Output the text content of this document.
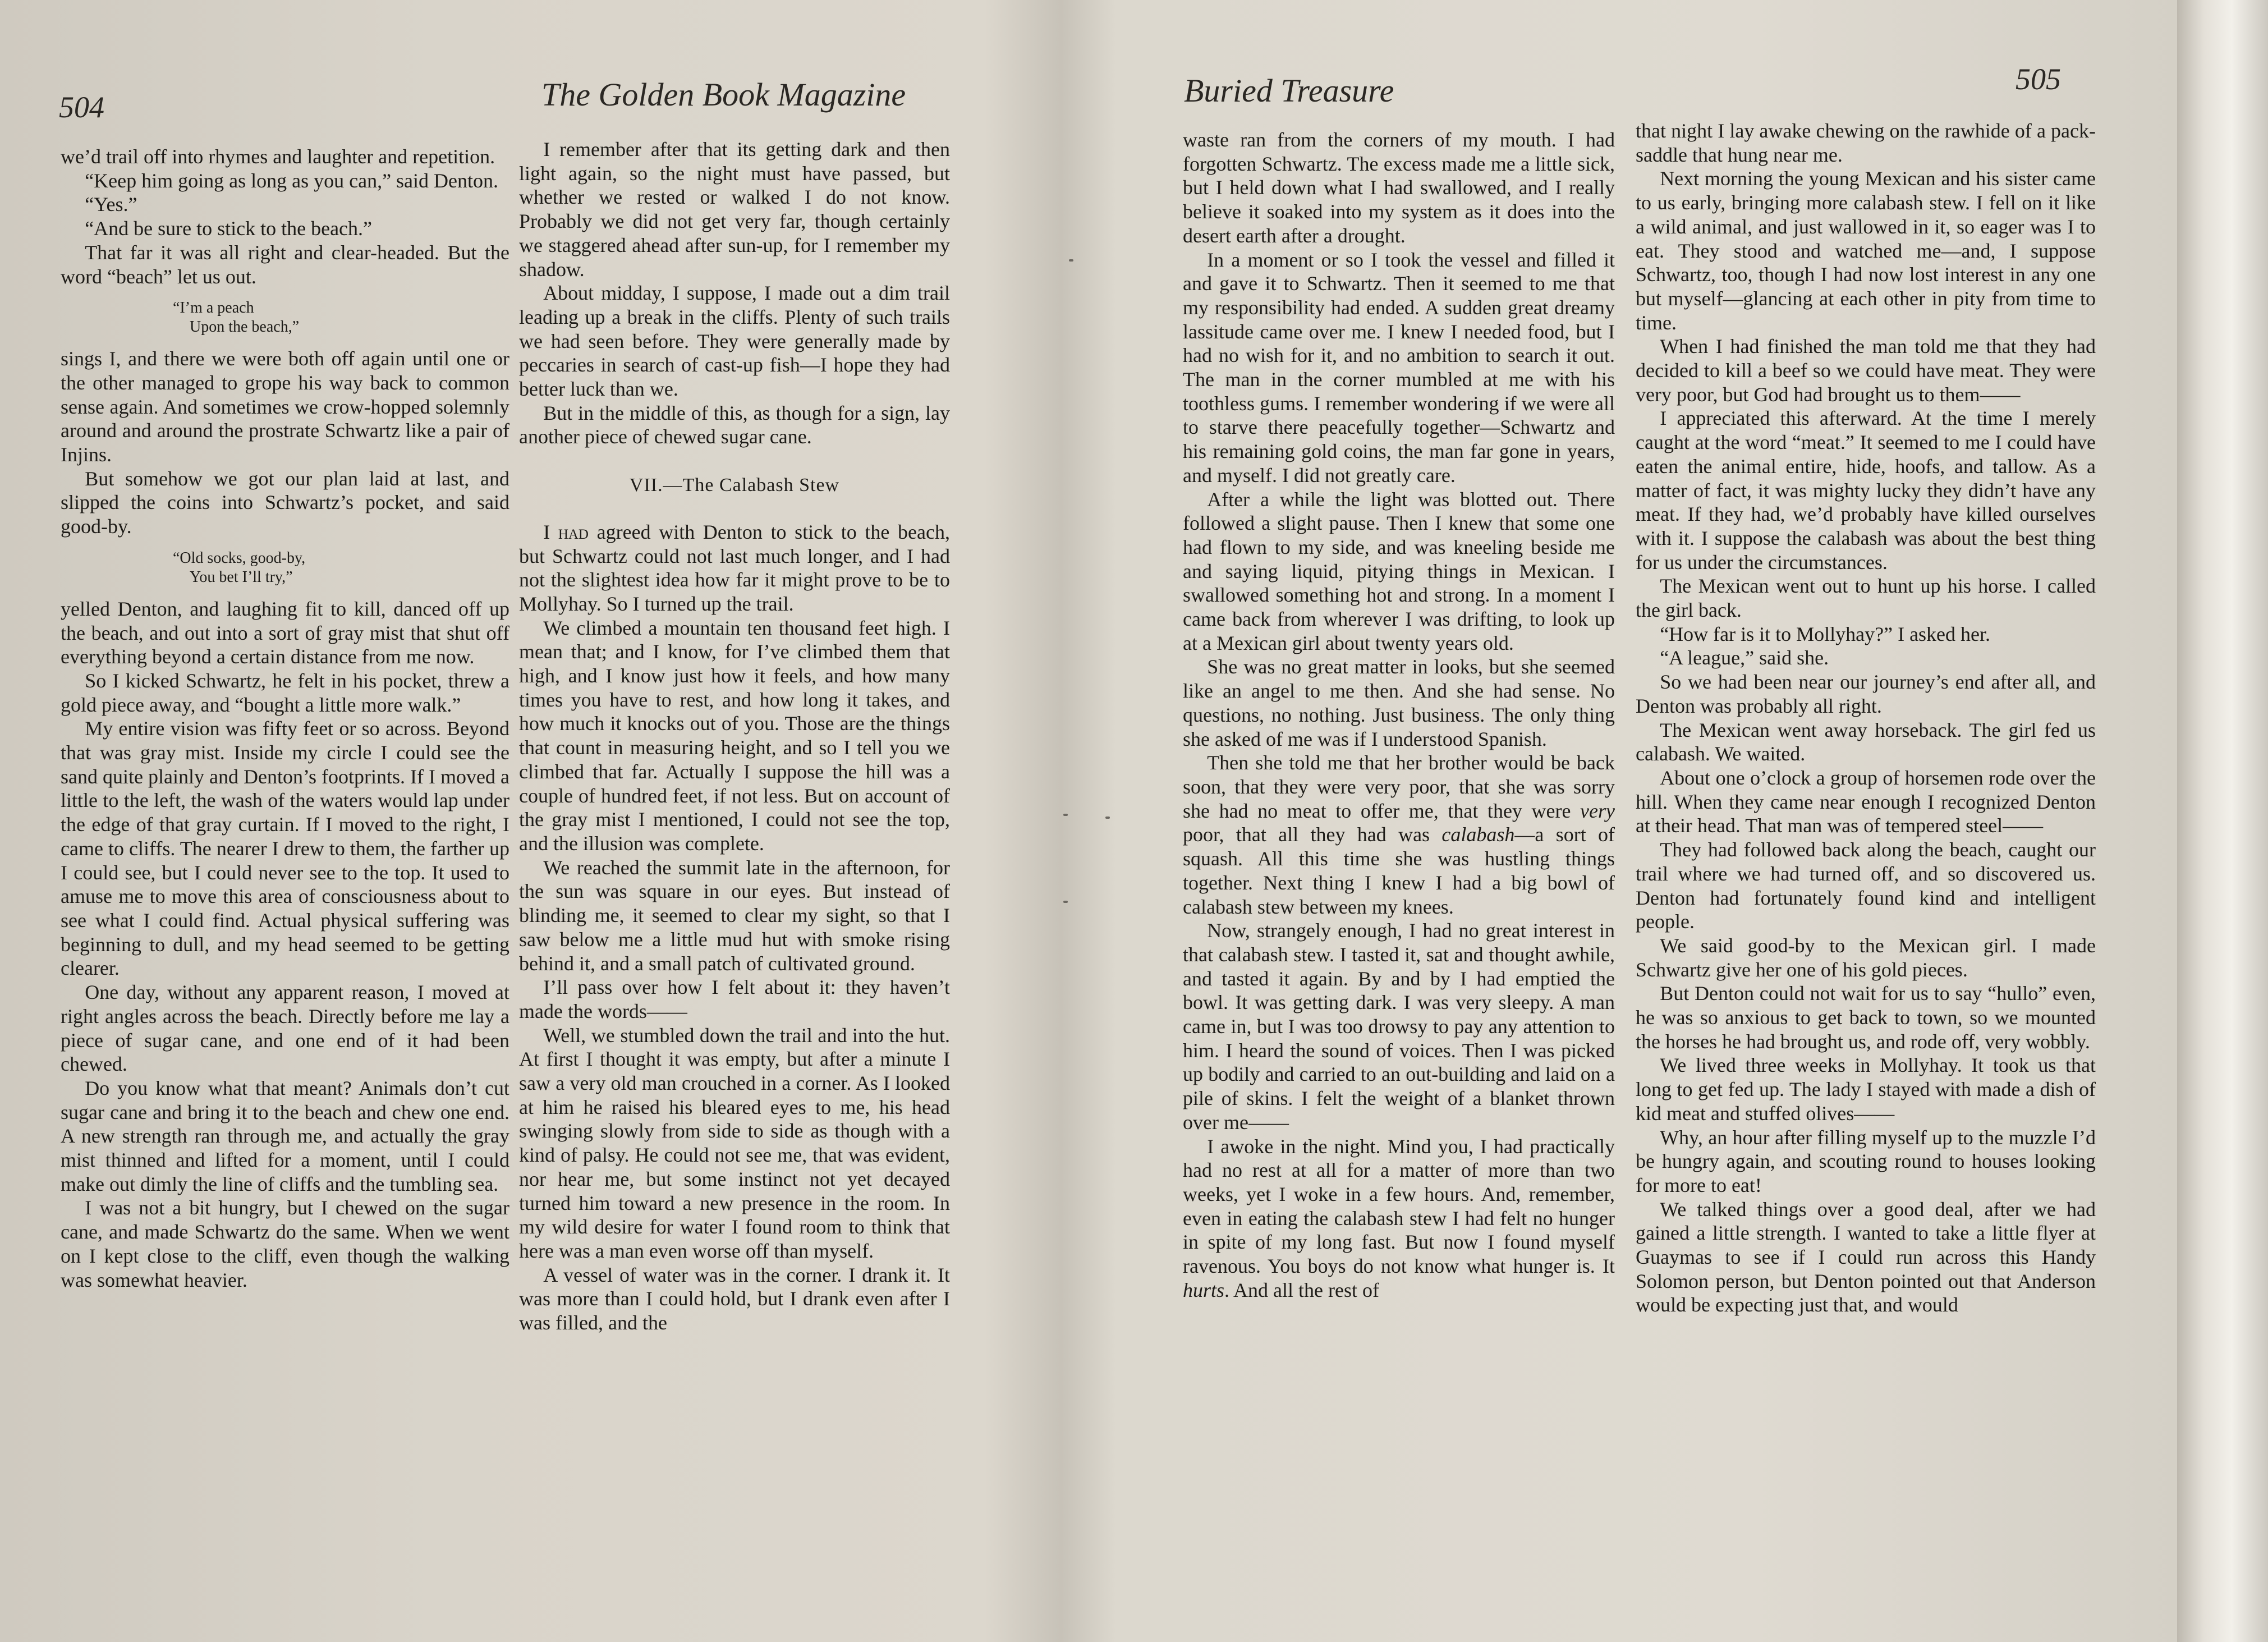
504	The Golden Book Magazine	Buried Treasure	505

we’d trail off into rhymes and laughter and repetition.

“Keep him going as long as you can,” said Denton.

“Yes.”

“And be sure to stick to the beach.”

That far it was all right and clear-headed. But the word “beach” let us out.

“I’m a peach
Upon the beach,”

sings I, and there we were both off again until one or the other managed to grope his way back to common sense again. And sometimes we crow-hopped solemnly around and around the prostrate Schwartz like a pair of Injins.

But somehow we got our plan laid at last, and slipped the coins into Schwartz’s pocket, and said good-by.

“Old socks, good-by,
You bet I’ll try,”

yelled Denton, and laughing fit to kill, danced off up the beach, and out into a sort of gray mist that shut off everything beyond a certain distance from me now.

So I kicked Schwartz, he felt in his pocket, threw a gold piece away, and “bought a little more walk.”

My entire vision was fifty feet or so across. Beyond that was gray mist. Inside my circle I could see the sand quite plainly and Denton’s footprints. If I moved a little to the left, the wash of the waters would lap under the edge of that gray curtain. If I moved to the right, I came to cliffs. The nearer I drew to them, the farther up I could see, but I could never see to the top. It used to amuse me to move this area of consciousness about to see what I could find. Actual physical suffering was beginning to dull, and my head seemed to be getting clearer.

One day, without any apparent reason, I moved at right angles across the beach. Directly before me lay a piece of sugar cane, and one end of it had been chewed.

Do you know what that meant? Animals don’t cut sugar cane and bring it to the beach and chew one end. A new strength ran through me, and actually the gray mist thinned and lifted for a moment, until I could make out dimly the line of cliffs and the tumbling sea.

I was not a bit hungry, but I chewed on the sugar cane, and made Schwartz do the same. When we went on I kept close to the cliff, even though the walking was somewhat heavier.

I remember after that its getting dark and then light again, so the night must have passed, but whether we rested or walked I do not know. Probably we did not get very far, though certainly we staggered ahead after sun-up, for I remember my shadow.

About midday, I suppose, I made out a dim trail leading up a break in the cliffs. Plenty of such trails we had seen before. They were generally made by peccaries in search of cast-up fish—I hope they had better luck than we.

But in the middle of this, as though for a sign, lay another piece of chewed sugar cane.

VII.—The Calabash Stew

I had agreed with Denton to stick to the beach, but Schwartz could not last much longer, and I had not the slightest idea how far it might prove to be to Mollyhay. So I turned up the trail.

We climbed a mountain ten thousand feet high. I mean that; and I know, for I’ve climbed them that high, and I know just how it feels, and how many times you have to rest, and how long it takes, and how much it knocks out of you. Those are the things that count in measuring height, and so I tell you we climbed that far. Actually I suppose the hill was a couple of hundred feet, if not less. But on account of the gray mist I mentioned, I could not see the top, and the illusion was complete.

We reached the summit late in the afternoon, for the sun was square in our eyes. But instead of blinding me, it seemed to clear my sight, so that I saw below me a little mud hut with smoke rising behind it, and a small patch of cultivated ground.

I’ll pass over how I felt about it: they haven’t made the words——

Well, we stumbled down the trail and into the hut. At first I thought it was empty, but after a minute I saw a very old man crouched in a corner. As I looked at him he raised his bleared eyes to me, his head swinging slowly from side to side as though with a kind of palsy. He could not see me, that was evident, nor hear me, but some instinct not yet decayed turned him toward a new presence in the room. In my wild desire for water I found room to think that here was a man even worse off than myself.

A vessel of water was in the corner. I drank it. It was more than I could hold, but I drank even after I was filled, and the

waste ran from the corners of my mouth. I had forgotten Schwartz. The excess made me a little sick, but I held down what I had swallowed, and I really believe it soaked into my system as it does into the desert earth after a drought.

In a moment or so I took the vessel and filled it and gave it to Schwartz. Then it seemed to me that my responsibility had ended. A sudden great dreamy lassitude came over me. I knew I needed food, but I had no wish for it, and no ambition to search it out. The man in the corner mumbled at me with his toothless gums. I remember wondering if we were all to starve there peacefully together—Schwartz and his remaining gold coins, the man far gone in years, and myself. I did not greatly care.

After a while the light was blotted out. There followed a slight pause. Then I knew that some one had flown to my side, and was kneeling beside me and saying liquid, pitying things in Mexican. I swallowed something hot and strong. In a moment I came back from wherever I was drifting, to look up at a Mexican girl about twenty years old.

She was no great matter in looks, but she seemed like an angel to me then. And she had sense. No questions, no nothing. Just business. The only thing she asked of me was if I understood Spanish.

Then she told me that her brother would be back soon, that they were very poor, that she was sorry she had no meat to offer me, that they were very poor, that all they had was calabash—a sort of squash. All this time she was hustling things together. Next thing I knew I had a big bowl of calabash stew between my knees.

Now, strangely enough, I had no great interest in that calabash stew. I tasted it, sat and thought awhile, and tasted it again. By and by I had emptied the bowl. It was getting dark. I was very sleepy. A man came in, but I was too drowsy to pay any attention to him. I heard the sound of voices. Then I was picked up bodily and carried to an out-building and laid on a pile of skins. I felt the weight of a blanket thrown over me——

I awoke in the night. Mind you, I had practically had no rest at all for a matter of more than two weeks, yet I woke in a few hours. And, remember, even in eating the calabash stew I had felt no hunger in spite of my long fast. But now I found myself ravenous. You boys do not know what hunger is. It hurts. And all the rest of

that night I lay awake chewing on the rawhide of a pack-saddle that hung near me.

Next morning the young Mexican and his sister came to us early, bringing more calabash stew. I fell on it like a wild animal, and just wallowed in it, so eager was I to eat. They stood and watched me—and, I suppose Schwartz, too, though I had now lost interest in any one but myself—glancing at each other in pity from time to time.

When I had finished the man told me that they had decided to kill a beef so we could have meat. They were very poor, but God had brought us to them——

I appreciated this afterward. At the time I merely caught at the word “meat.” It seemed to me I could have eaten the animal entire, hide, hoofs, and tallow. As a matter of fact, it was mighty lucky they didn’t have any meat. If they had, we’d probably have killed ourselves with it. I suppose the calabash was about the best thing for us under the circumstances.

The Mexican went out to hunt up his horse. I called the girl back.

“How far is it to Mollyhay?” I asked her.

“A league,” said she.

So we had been near our journey’s end after all, and Denton was probably all right.

The Mexican went away horseback. The girl fed us calabash. We waited.

About one o’clock a group of horsemen rode over the hill. When they came near enough I recognized Denton at their head. That man was of tempered steel——

They had followed back along the beach, caught our trail where we had turned off, and so discovered us. Denton had fortunately found kind and intelligent people.

We said good-by to the Mexican girl. I made Schwartz give her one of his gold pieces.

But Denton could not wait for us to say “hullo” even, he was so anxious to get back to town, so we mounted the horses he had brought us, and rode off, very wobbly.

We lived three weeks in Mollyhay. It took us that long to get fed up. The lady I stayed with made a dish of kid meat and stuffed olives——

Why, an hour after filling myself up to the muzzle I’d be hungry again, and scouting round to houses looking for more to eat!

We talked things over a good deal, after we had gained a little strength. I wanted to take a little flyer at Guaymas to see if I could run across this Handy Solomon person, but Denton pointed out that Anderson would be expecting just that, and would
